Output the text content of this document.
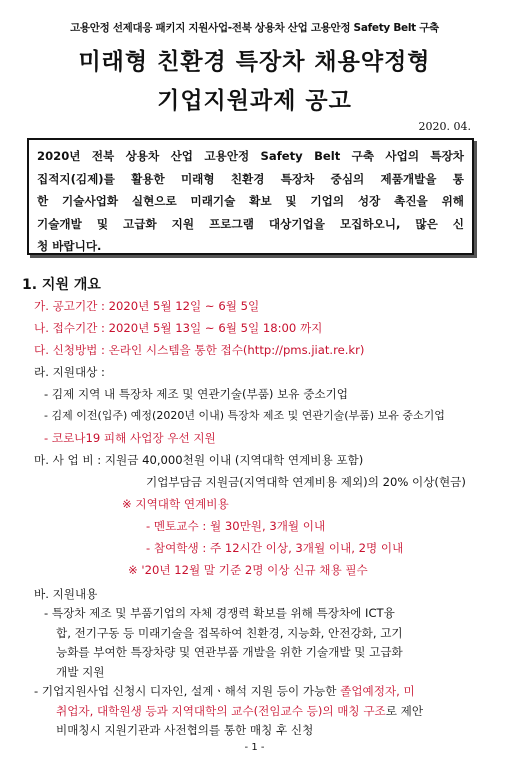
고용안정 선제대응 패키지 지원사업-전북 상용차 산업 고용안정 Safety Belt 구축
미래형 친환경 특장차 채용약정형
기업지원과제 공고
2020. 04.
2020년 전북 상용차 산업 고용안정 Safety Belt 구축 사업의 특장차
집적지(김제)를 활용한 미래형 친환경 특장차 중심의 제품개발을 통
한 기술사업화 실현으로 미래기술 확보 및 기업의 성장 촉진을 위해
기술개발 및 고급화 지원 프로그램 대상기업을 모집하오니, 많은 신
청 바랍니다.
1. 지원 개요
가. 공고기간 : 2020년 5월 12일 ~ 6월 5일
나. 접수기간 : 2020년 5월 13일 ~ 6월 5일 18:00 까지
다. 신청방법 : 온라인 시스템을 통한 접수(http://pms.jiat.re.kr)
라. 지원대상 :
- 김제 지역 내 특장차 제조 및 연관기술(부품) 보유 중소기업
- 김제 이전(입주) 예정(2020년 이내) 특장차 제조 및 연관기술(부품) 보유 중소기업
- 코로나19 피해 사업장 우선 지원
마. 사 업 비 : 지원금 40,000천원 이내 (지역대학 연계비용 포함)
기업부담금 지원금(지역대학 연계비용 제외)의 20% 이상(현금)
※ 지역대학 연계비용
- 멘토교수 : 월 30만원, 3개월 이내
- 참여학생 : 주 12시간 이상, 3개월 이내, 2명 이내
※ '20년 12월 말 기준 2명 이상 신규 채용 필수
바. 지원내용
- 특장차 제조 및 부품기업의 자체 경쟁력 확보를 위해 특장차에 ICT융
합, 전기구동 등 미래기술을 접목하여 친환경, 지능화, 안전강화, 고기
능화를 부여한 특장차량 및 연관부품 개발을 위한 기술개발 및 고급화
개발 지원
- 기업지원사업 신청시 디자인, 설계ㆍ해석 지원 등이 가능한 졸업예정자, 미
취업자, 대학원생 등과 지역대학의 교수(전임교수 등)의 매칭 구조로 제안
비매칭시 지원기관과 사전협의를 통한 매칭 후 신청
- 1 -
